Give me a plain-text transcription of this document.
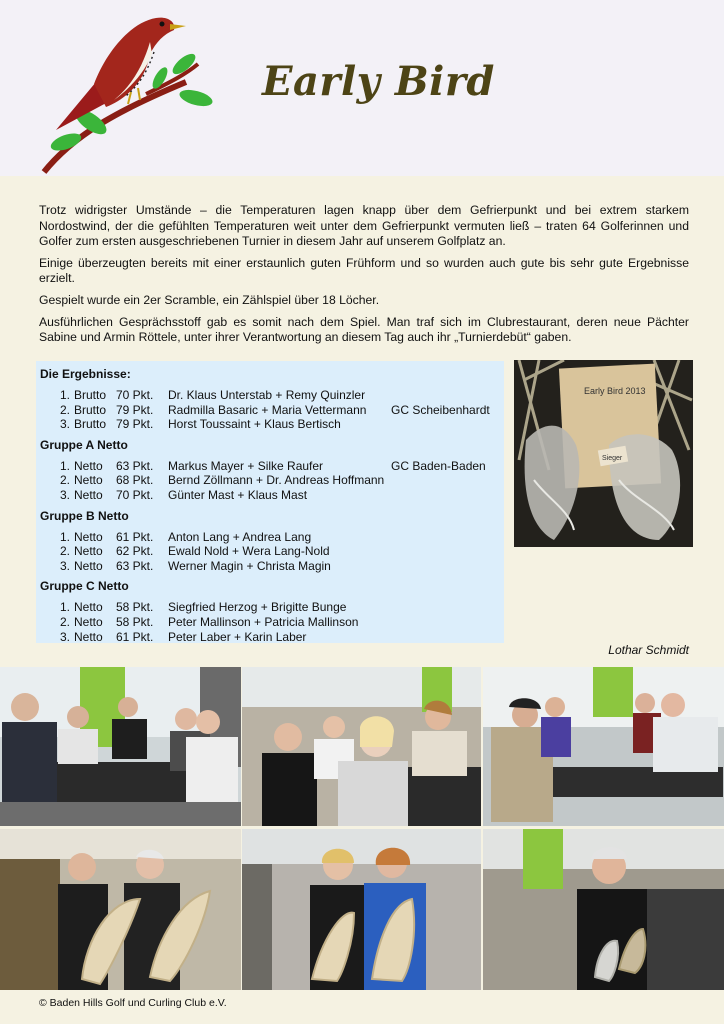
Early Bird

Trotz widrigster Umstände – die Temperaturen lagen knapp über dem Gefrierpunkt und bei extrem starkem Nordostwind, der die gefühlten Temperaturen weit unter dem Gefrierpunkt vermuten ließ – traten 64 Golferinnen und Golfer zum ersten ausgeschriebenen Turnier in diesem Jahr auf unserem Golfplatz an.

Einige überzeugten bereits mit einer erstaunlich guten Frühform und so wurden auch gute bis sehr gute Ergebnisse erzielt.

Gespielt wurde ein 2er Scramble, ein Zählspiel über 18 Löcher.

Ausführlichen Gesprächsstoff gab es somit nach dem Spiel. Man traf sich im Clubrestaurant, deren neue Pächter Sabine und Armin Röttele, unter ihrer Verantwortung an diesem Tag auch ihr „Turnierdebüt“ gaben.

Die Ergebnisse:
1. Brutto 70 Pkt. Dr. Klaus Unterstab + Remy Quinzler
2. Brutto 79 Pkt. Radmilla Basaric + Maria Vettermann GC Scheibenhardt
3. Brutto 79 Pkt. Horst Toussaint + Klaus Bertisch
Gruppe A Netto
1. Netto 63 Pkt. Markus Mayer + Silke Raufer	GC Baden-Baden
2. Netto 68 Pkt. Bernd Zöllmann + Dr. Andreas Hoffmann
3. Netto 70 Pkt. Günter Mast + Klaus Mast
Gruppe B Netto
1. Netto 61 Pkt. Anton Lang + Andrea Lang
2. Netto 62 Pkt. Ewald Nold + Wera Lang-Nold
3. Netto 63 Pkt. Werner Magin + Christa Magin
Gruppe C Netto
1. Netto 58 Pkt. Siegfried Herzog + Brigitte Bunge
2. Netto 58 Pkt. Peter Mallinson + Patricia Mallinson
3. Netto 61 Pkt. Peter Laber + Karin Laber
Early Bird 2013
Sieger
Lothar Schmidt
© Baden Hills Golf und Curling Club e.V.
